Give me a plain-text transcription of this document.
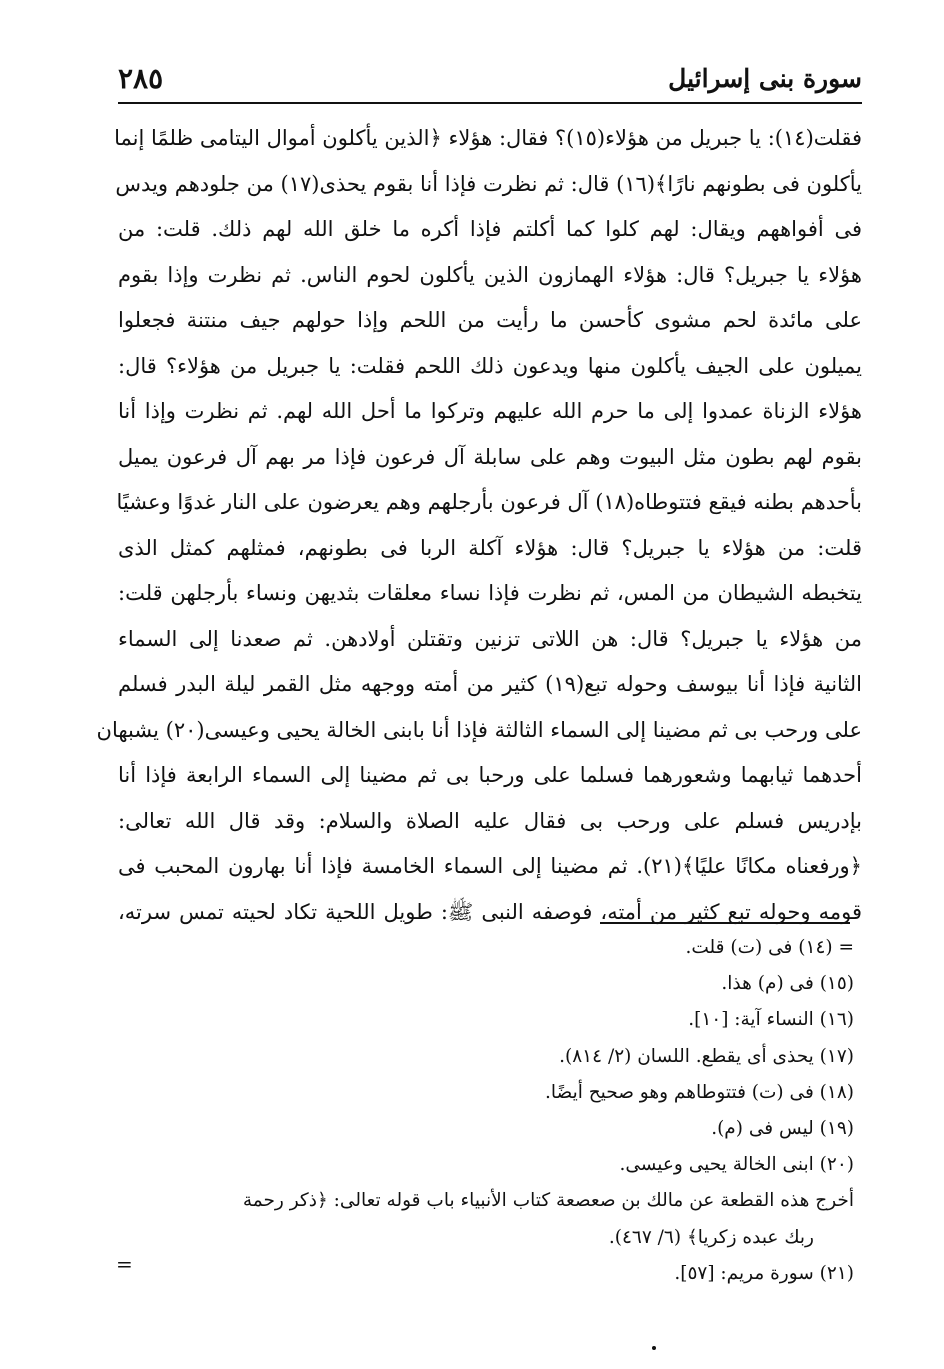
سورة بنى إسرائيل
٢٨٥
فقلت(١٤): يا جبريل من هؤلاء(١٥)؟ فقال: هؤلاء ﴿الذين يأكلون أموال اليتامى ظلمًا إنما
يأكلون فى بطونهم نارًا﴾(١٦) قال: ثم نظرت فإذا أنا بقوم يحذى(١٧) من جلودهم ويدس
فى أفواههم ويقال: لهم كلوا كما أكلتم فإذا أكره ما خلق الله لهم ذلك. قلت: من
هؤلاء يا جبريل؟ قال: هؤلاء الهمازون الذين يأكلون لحوم الناس. ثم نظرت وإذا بقوم
على مائدة لحم مشوى كأحسن ما رأيت من اللحم وإذا حولهم جيف منتنة فجعلوا
يميلون على الجيف يأكلون منها ويدعون ذلك اللحم فقلت: يا جبريل من هؤلاء؟ قال:
هؤلاء الزناة عمدوا إلى ما حرم الله عليهم وتركوا ما أحل الله لهم. ثم نظرت وإذا أنا
بقوم لهم بطون مثل البيوت وهم على سابلة آل فرعون فإذا مر بهم آل فرعون يميل
بأحدهم بطنه فيقع فتتوطاه(١٨) آل فرعون بأرجلهم وهم يعرضون على النار غدوًا وعشيًا
قلت: من هؤلاء يا جبريل؟ قال: هؤلاء آكلة الربا فى بطونهم، فمثلهم كمثل الذى
يتخبطه الشيطان من المس، ثم نظرت فإذا نساء معلقات بثديهن ونساء بأرجلهن قلت:
من هؤلاء يا جبريل؟ قال: هن اللاتى تزنين وتقتلن أولادهن. ثم صعدنا إلى السماء
الثانية فإذا أنا بيوسف وحوله تبع(١٩) كثير من أمته ووجهه مثل القمر ليلة البدر فسلم
على ورحب بى ثم مضينا إلى السماء الثالثة فإذا أنا بابنى الخالة يحيى وعيسى(٢٠) يشبهان
أحدهما ثيابهما وشعورهما فسلما على ورحبا بى ثم مضينا إلى السماء الرابعة فإذا أنا
بإدريس فسلم على ورحب بى فقال عليه الصلاة والسلام: وقد قال الله تعالى:
﴿ورفعناه مكانًا عليًا﴾(٢١). ثم مضينا إلى السماء الخامسة فإذا أنا بهارون المحبب فى
قومه وحوله تبع كثير من أمته، فوصفه النبى ﷺ: طويل اللحية تكاد لحيته تمس سرته،
= (١٤) فى (ت) قلت.
(١٥) فى (م) هذا.
(١٦) النساء آية: [١٠].
(١٧) يحذى أى يقطع. اللسان (٢/ ٨١٤).
(١٨) فى (ت) فتتوطاهم وهو صحيح أيضًا.
(١٩) ليس فى (م).
(٢٠) ابنى الخالة يحيى وعيسى.
أخرج هذه القطعة عن مالك بن صعصعة كتاب الأنبياء باب قوله تعالى: ﴿ذكر رحمة
ربك عبده زكريا﴾ (٦/ ٤٦٧).
(٢١) سورة مريم: [٥٧].
=
